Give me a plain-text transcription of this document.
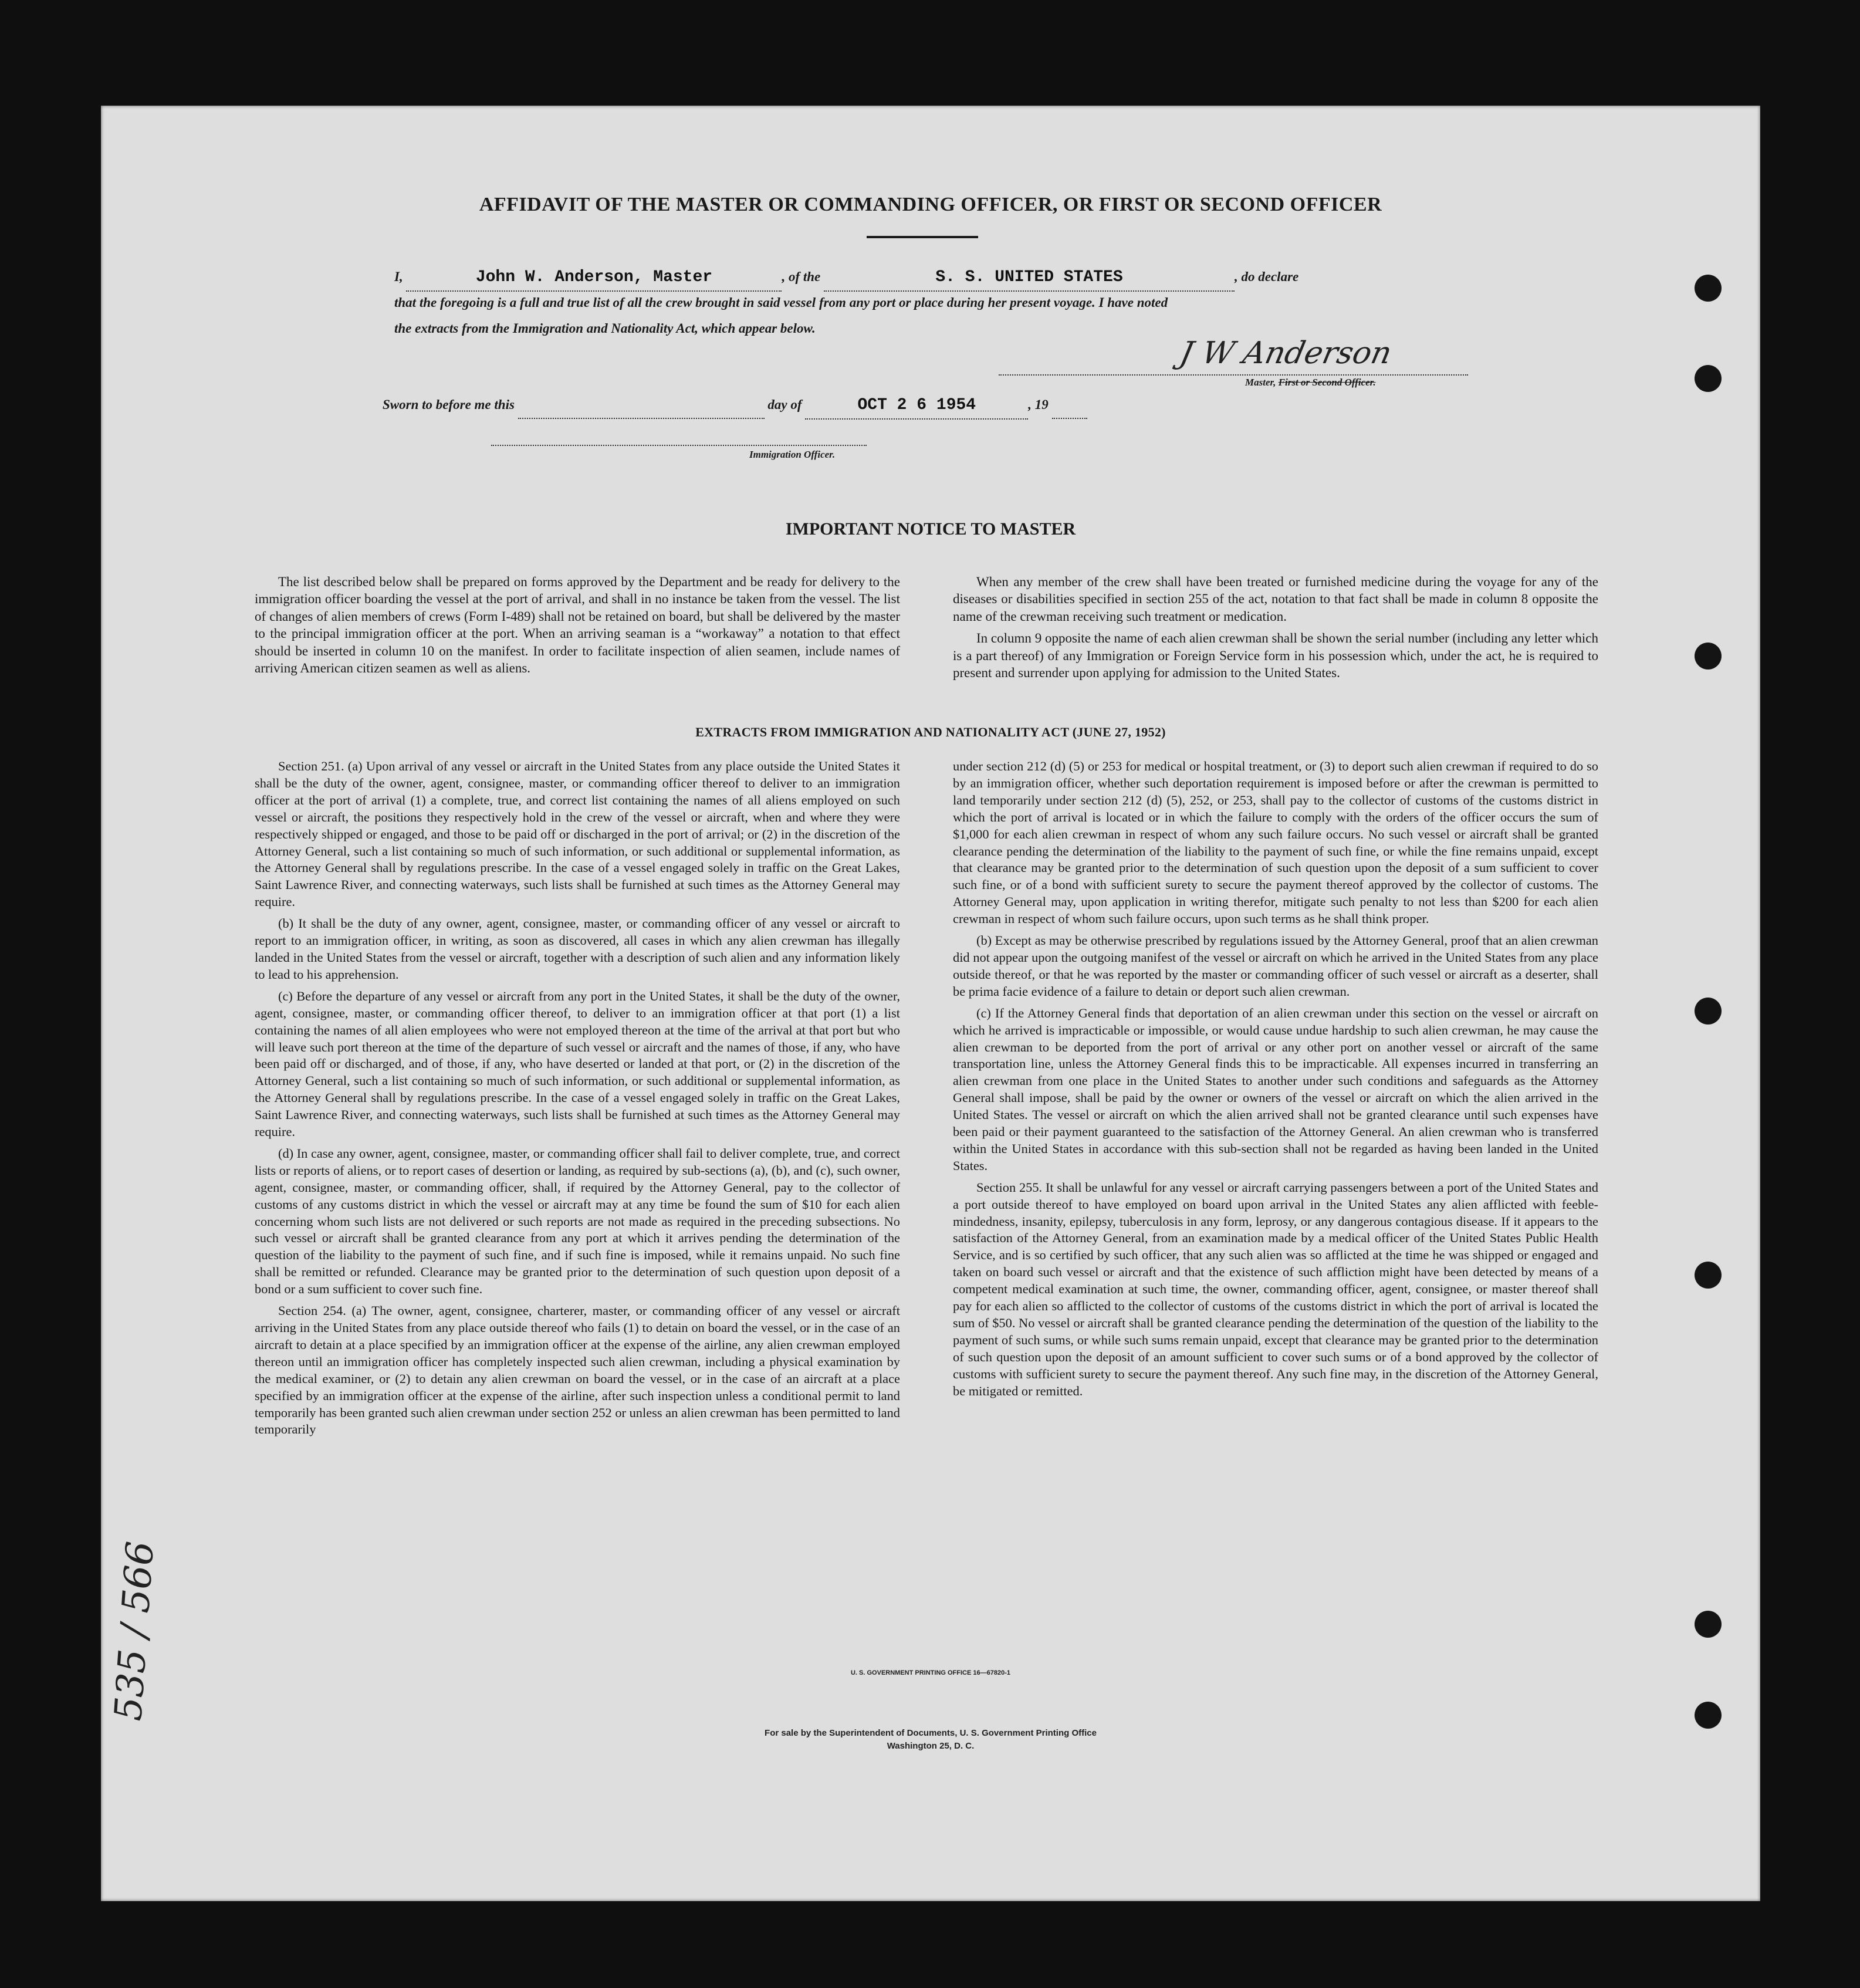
AFFIDAVIT OF THE MASTER OR COMMANDING OFFICER, OR FIRST OR SECOND OFFICER
I,	John W. Anderson, Master	, of the	S. S. UNITED STATES	, do declare
that the foregoing is a full and true list of all the crew brought in said vessel from any port or place during her present voyage. I have noted
the extracts from the Immigration and Nationality Act, which appear below.
J W Anderson
Master, First or Second Officer.
Sworn to before me this	day of	OCT 2 6 1954	, 19
Immigration Officer.
IMPORTANT NOTICE TO MASTER

The list described below shall be prepared on forms approved by the Department and be ready for delivery to the immigration officer boarding the vessel at the port of arrival, and shall in no instance be taken from the vessel. The list of changes of alien members of crews (Form I-489) shall not be retained on board, but shall be delivered by the master to the principal immigration officer at the port. When an arriving seaman is a “workaway” a notation to that effect should be inserted in column 10 on the manifest. In order to facilitate inspection of alien seamen, include names of arriving American citizen seamen as well as aliens.

When any member of the crew shall have been treated or furnished medicine during the voyage for any of the diseases or disabilities specified in section 255 of the act, notation to that fact shall be made in column 8 opposite the name of the crewman receiving such treatment or medication.

In column 9 opposite the name of each alien crewman shall be shown the serial number (including any letter which is a part thereof) of any Immigration or Foreign Service form in his possession which, under the act, he is required to present and surrender upon applying for admission to the United States.

EXTRACTS FROM IMMIGRATION AND NATIONALITY ACT (JUNE 27, 1952)

Section 251. (a) Upon arrival of any vessel or aircraft in the United States from any place outside the United States it shall be the duty of the owner, agent, consignee, master, or commanding officer thereof to deliver to an immigration officer at the port of arrival (1) a complete, true, and correct list containing the names of all aliens employed on such vessel or aircraft, the positions they respectively hold in the crew of the vessel or aircraft, when and where they were respectively shipped or engaged, and those to be paid off or discharged in the port of arrival; or (2) in the discretion of the Attorney General, such a list containing so much of such information, or such additional or supplemental information, as the Attorney General shall by regulations prescribe. In the case of a vessel engaged solely in traffic on the Great Lakes, Saint Lawrence River, and connecting waterways, such lists shall be furnished at such times as the Attorney General may require.

(b) It shall be the duty of any owner, agent, consignee, master, or commanding officer of any vessel or aircraft to report to an immigration officer, in writing, as soon as discovered, all cases in which any alien crewman has illegally landed in the United States from the vessel or aircraft, together with a description of such alien and any information likely to lead to his apprehension.

(c) Before the departure of any vessel or aircraft from any port in the United States, it shall be the duty of the owner, agent, consignee, master, or commanding officer thereof, to deliver to an immigration officer at that port (1) a list containing the names of all alien employees who were not employed thereon at the time of the arrival at that port but who will leave such port thereon at the time of the departure of such vessel or aircraft and the names of those, if any, who have been paid off or discharged, and of those, if any, who have deserted or landed at that port, or (2) in the discretion of the Attorney General, such a list containing so much of such information, or such additional or supplemental information, as the Attorney General shall by regulations prescribe. In the case of a vessel engaged solely in traffic on the Great Lakes, Saint Lawrence River, and connecting waterways, such lists shall be furnished at such times as the Attorney General may require.

(d) In case any owner, agent, consignee, master, or commanding officer shall fail to deliver complete, true, and correct lists or reports of aliens, or to report cases of desertion or landing, as required by sub-sections (a), (b), and (c), such owner, agent, consignee, master, or commanding officer, shall, if required by the Attorney General, pay to the collector of customs of any customs district in which the vessel or aircraft may at any time be found the sum of $10 for each alien concerning whom such lists are not delivered or such reports are not made as required in the preceding subsections. No such vessel or aircraft shall be granted clearance from any port at which it arrives pending the determination of the question of the liability to the payment of such fine, and if such fine is imposed, while it remains unpaid. No such fine shall be remitted or refunded. Clearance may be granted prior to the determination of such question upon deposit of a bond or a sum sufficient to cover such fine.

Section 254. (a) The owner, agent, consignee, charterer, master, or commanding officer of any vessel or aircraft arriving in the United States from any place outside thereof who fails (1) to detain on board the vessel, or in the case of an aircraft to detain at a place specified by an immigration officer at the expense of the airline, any alien crewman employed thereon until an immigration officer has completely inspected such alien crewman, including a physical examination by the medical examiner, or (2) to detain any alien crewman on board the vessel, or in the case of an aircraft at a place specified by an immigration officer at the expense of the airline, after such inspection unless a conditional permit to land temporarily has been granted such alien crewman under section 252 or unless an alien crewman has been permitted to land temporarily

under section 212 (d) (5) or 253 for medical or hospital treatment, or (3) to deport such alien crewman if required to do so by an immigration officer, whether such deportation requirement is imposed before or after the crewman is permitted to land temporarily under section 212 (d) (5), 252, or 253, shall pay to the collector of customs of the customs district in which the port of arrival is located or in which the failure to comply with the orders of the officer occurs the sum of $1,000 for each alien crewman in respect of whom any such failure occurs. No such vessel or aircraft shall be granted clearance pending the determination of the liability to the payment of such fine, or while the fine remains unpaid, except that clearance may be granted prior to the determination of such question upon the deposit of a sum sufficient to cover such fine, or of a bond with sufficient surety to secure the payment thereof approved by the collector of customs. The Attorney General may, upon application in writing therefor, mitigate such penalty to not less than $200 for each alien crewman in respect of whom such failure occurs, upon such terms as he shall think proper.

(b) Except as may be otherwise prescribed by regulations issued by the Attorney General, proof that an alien crewman did not appear upon the outgoing manifest of the vessel or aircraft on which he arrived in the United States from any place outside thereof, or that he was reported by the master or commanding officer of such vessel or aircraft as a deserter, shall be prima facie evidence of a failure to detain or deport such alien crewman.

(c) If the Attorney General finds that deportation of an alien crewman under this section on the vessel or aircraft on which he arrived is impracticable or impossible, or would cause undue hardship to such alien crewman, he may cause the alien crewman to be deported from the port of arrival or any other port on another vessel or aircraft of the same transportation line, unless the Attorney General finds this to be impracticable. All expenses incurred in transferring an alien crewman from one place in the United States to another under such conditions and safeguards as the Attorney General shall impose, shall be paid by the owner or owners of the vessel or aircraft on which the alien arrived in the United States. The vessel or aircraft on which the alien arrived shall not be granted clearance until such expenses have been paid or their payment guaranteed to the satisfaction of the Attorney General. An alien crewman who is transferred within the United States in accordance with this sub-section shall not be regarded as having been landed in the United States.

Section 255. It shall be unlawful for any vessel or aircraft carrying passengers between a port of the United States and a port outside thereof to have employed on board upon arrival in the United States any alien afflicted with feeble-mindedness, insanity, epilepsy, tuberculosis in any form, leprosy, or any dangerous contagious disease. If it appears to the satisfaction of the Attorney General, from an examination made by a medical officer of the United States Public Health Service, and is so certified by such officer, that any such alien was so afflicted at the time he was shipped or engaged and taken on board such vessel or aircraft and that the existence of such affliction might have been detected by means of a competent medical examination at such time, the owner, commanding officer, agent, consignee, or master thereof shall pay for each alien so afflicted to the collector of customs of the customs district in which the port of arrival is located the sum of $50. No vessel or aircraft shall be granted clearance pending the determination of the question of the liability to the payment of such sums, or while such sums remain unpaid, except that clearance may be granted prior to the determination of such question upon the deposit of an amount sufficient to cover such sums or of a bond approved by the collector of customs with sufficient surety to secure the payment thereof. Any such fine may, in the discretion of the Attorney General, be mitigated or remitted.

U. S. GOVERNMENT PRINTING OFFICE 16—67820-1
For sale by the Superintendent of Documents, U. S. Government Printing Office
Washington 25, D. C.
535 / 566
